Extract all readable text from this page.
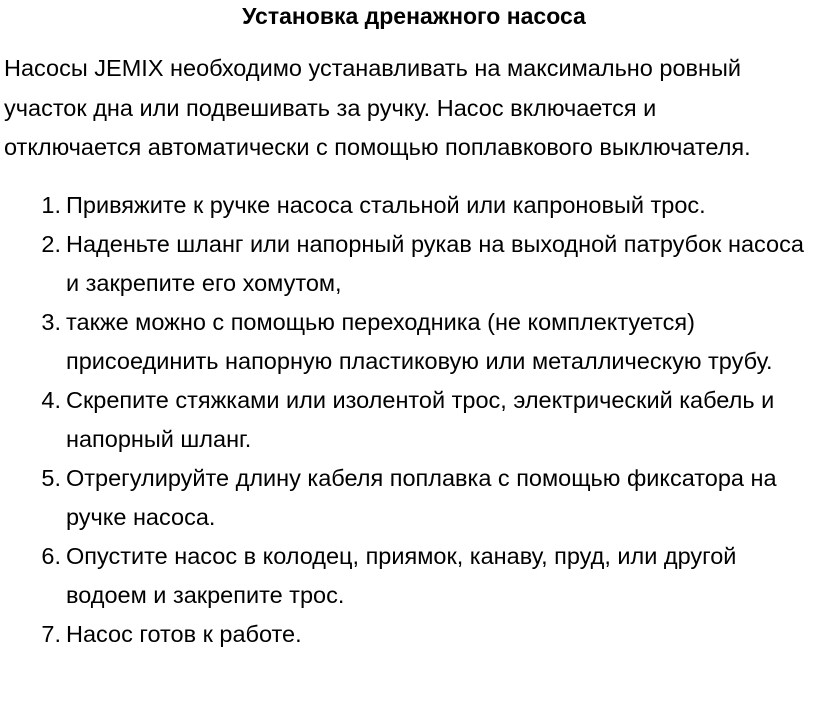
Установка дренажного насоса

Насосы JEMIX необходимо устанавливать на максимально ровный участок дна или подвешивать за ручку. Насос включается и отключается автоматически с помощью поплавкового выключателя.

1 . Привяжите к ручке насоса стальной или капроновый трос.
2 . Наденьте шланг или напорный рукав на выходной патрубок насоса и закрепите его хомутом,
3 . также можно с помощью переходника (не комплектуется) присоединить напорную пластиковую или металлическую трубу.
4 . Скрепите стяжками или изолентой трос, электрический кабель и напорный шланг.
5 . Отрегулируйте длину кабеля поплавка с помощью фиксатора на ручке насоса.
6 . Опустите насос в колодец, приямок, канаву, пруд, или другой водоем и закрепите трос.
7 . Насос готов к работе.
